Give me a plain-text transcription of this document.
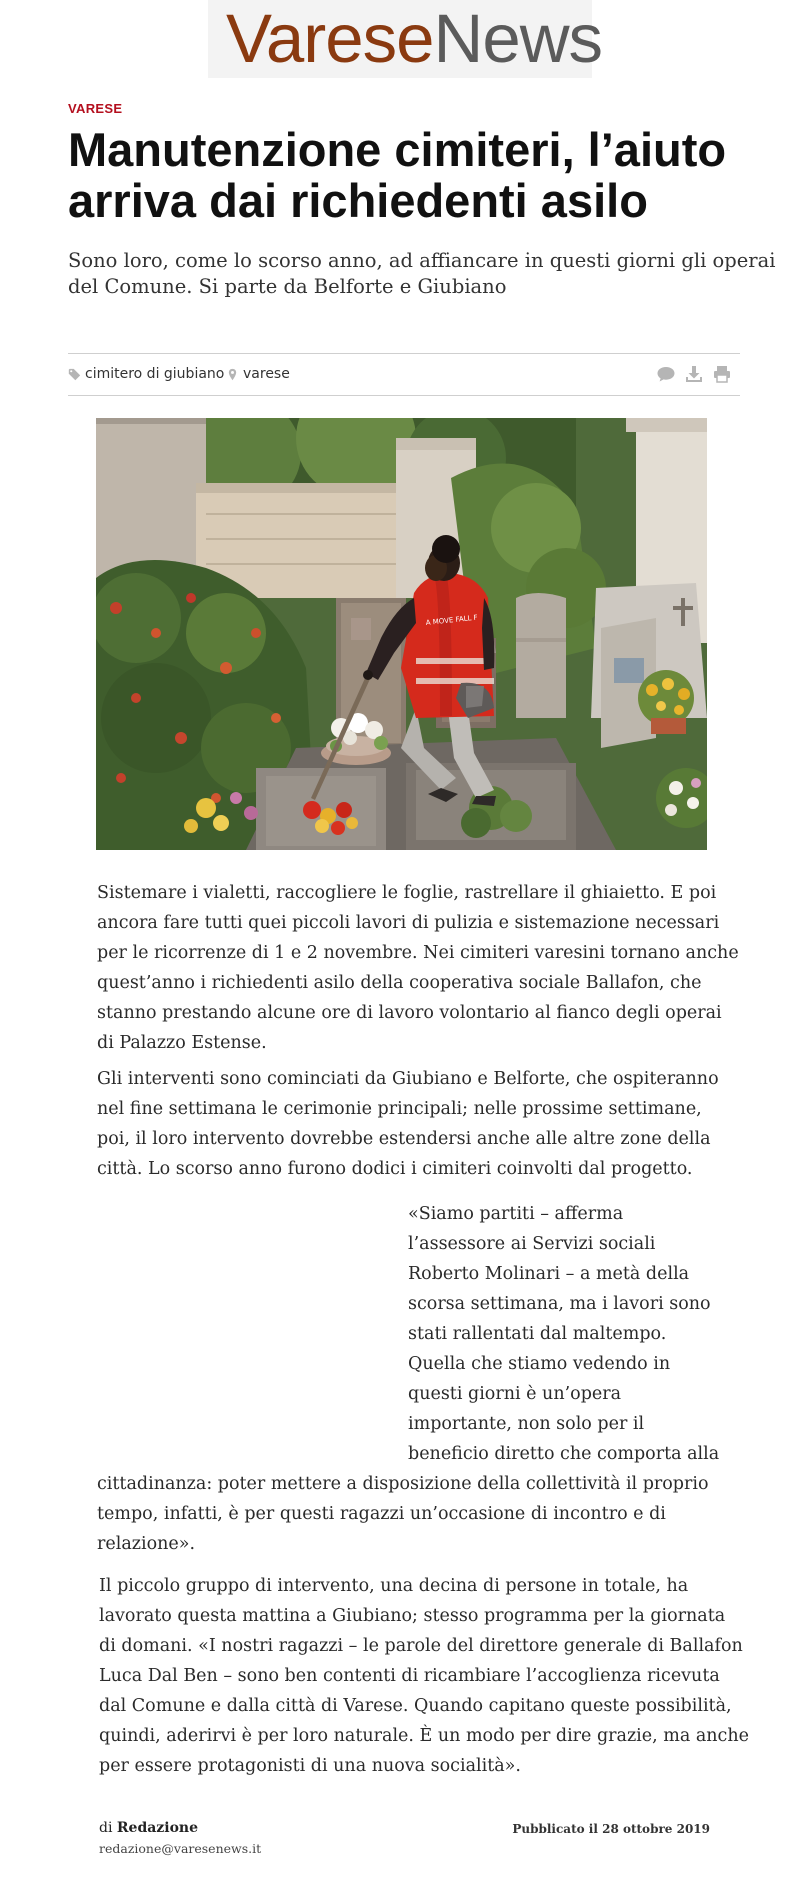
VareseNews
VARESE
Manutenzione cimiteri, l’aiuto
arriva dai richiedenti asilo
Sono loro, come lo scorso anno, ad affiancare in questi giorni gli operai
del Comune. Si parte da Belforte e Giubiano
cimitero di giubiano varese
A MOVE FALL F
Sistemare i vialetti, raccogliere le foglie, rastrellare il ghiaietto. E poi
ancora fare tutti quei piccoli lavori di pulizia e sistemazione necessari
per le ricorrenze di 1 e 2 novembre. Nei cimiteri varesini tornano anche
quest’anno i richiedenti asilo della cooperativa sociale Ballafon, che
stanno prestando alcune ore di lavoro volontario al fianco degli operai
di Palazzo Estense.
Gli interventi sono cominciati da Giubiano e Belforte, che ospiteranno
nel fine settimana le cerimonie principali; nelle prossime settimane,
poi, il loro intervento dovrebbe estendersi anche alle altre zone della
città. Lo scorso anno furono dodici i cimiteri coinvolti dal progetto.
«Siamo partiti – afferma
l’assessore ai Servizi sociali
Roberto Molinari – a metà della
scorsa settimana, ma i lavori sono
stati rallentati dal maltempo.
Quella che stiamo vedendo in
questi giorni è un’opera
importante, non solo per il
beneficio diretto che comporta alla
cittadinanza: poter mettere a disposizione della collettività il proprio
tempo, infatti, è per questi ragazzi un’occasione di incontro e di
relazione».
Il piccolo gruppo di intervento, una decina di persone in totale, ha
lavorato questa mattina a Giubiano; stesso programma per la giornata
di domani. «I nostri ragazzi – le parole del direttore generale di Ballafon
Luca Dal Ben – sono ben contenti di ricambiare l’accoglienza ricevuta
dal Comune e dalla città di Varese. Quando capitano queste possibilità,
quindi, aderirvi è per loro naturale. È un modo per dire grazie, ma anche
per essere protagonisti di una nuova socialità».
di Redazione
redazione@varesenews.it
Pubblicato il 28 ottobre 2019
